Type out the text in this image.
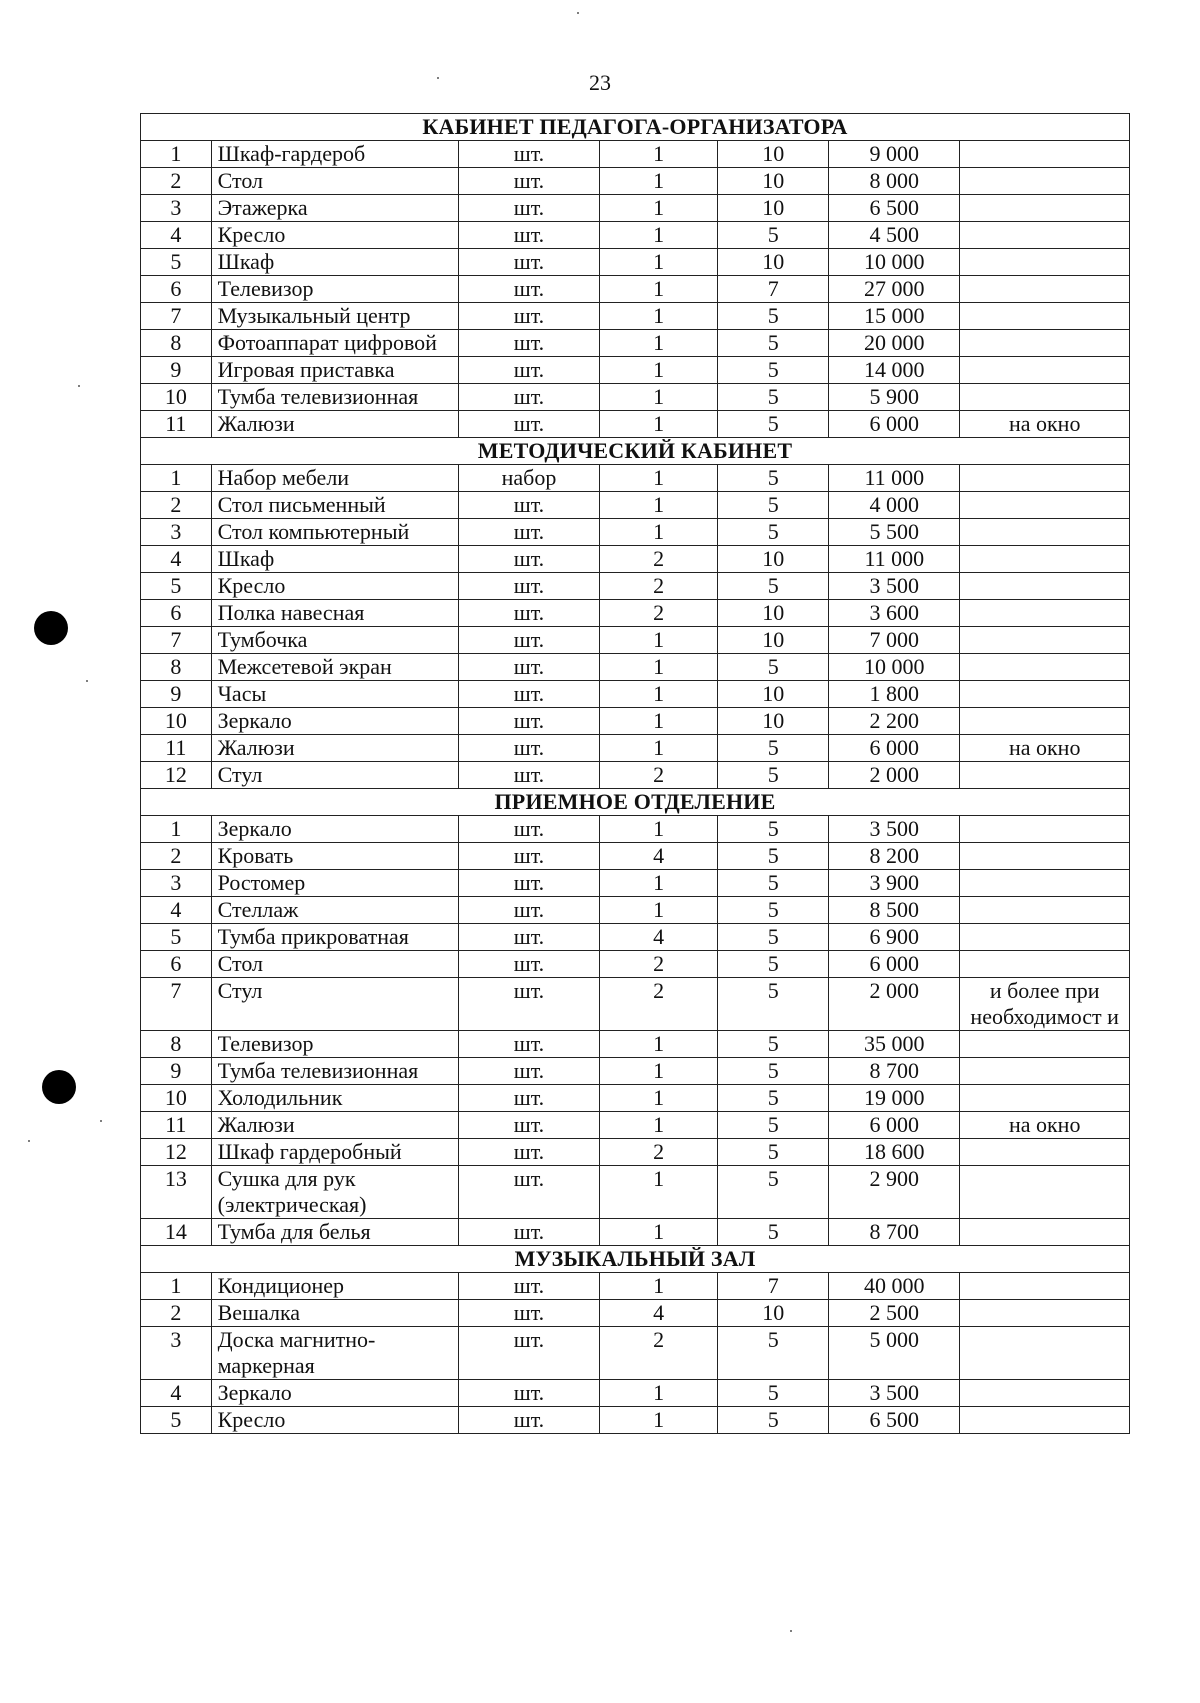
23
КАБИНЕТ ПЕДАГОГА-ОРГАНИЗАТОРА						
1	Шкаф-гардероб	шт.	1	10	9 000	
2	Стол	шт.	1	10	8 000	
3	Этажерка	шт.	1	10	6 500	
4	Кресло	шт.	1	5	4 500	
5	Шкаф	шт.	1	10	10 000	
6	Телевизор	шт.	1	7	27 000	
7	Музыкальный центр	шт.	1	5	15 000	
8	Фотоаппарат цифровой	шт.	1	5	20 000	
9	Игровая приставка	шт.	1	5	14 000	
10	Тумба телевизионная	шт.	1	5	5 900	
11	Жалюзи	шт.	1	5	6 000	на окно
МЕТОДИЧЕСКИЙ КАБИНЕТ						
1	Набор мебели	набор	1	5	11 000	
2	Стол письменный	шт.	1	5	4 000	
3	Стол компьютерный	шт.	1	5	5 500	
4	Шкаф	шт.	2	10	11 000	
5	Кресло	шт.	2	5	3 500	
6	Полка навесная	шт.	2	10	3 600	
7	Тумбочка	шт.	1	10	7 000	
8	Межсетевой экран	шт.	1	5	10 000	
9	Часы	шт.	1	10	1 800	
10	Зеркало	шт.	1	10	2 200	
11	Жалюзи	шт.	1	5	6 000	на окно
12	Стул	шт.	2	5	2 000	
ПРИЕМНОЕ ОТДЕЛЕНИЕ						
1	Зеркало	шт.	1	5	3 500	
2	Кровать	шт.	4	5	8 200	
3	Ростомер	шт.	1	5	3 900	
4	Стеллаж	шт.	1	5	8 500	
5	Тумба прикроватная	шт.	4	5	6 900	
6	Стол	шт.	2	5	6 000	
7	Стул	шт.	2	5	2 000	и более при необходимост и
8	Телевизор	шт.	1	5	35 000	
9	Тумба телевизионная	шт.	1	5	8 700	
10	Холодильник	шт.	1	5	19 000	
11	Жалюзи	шт.	1	5	6 000	на окно
12	Шкаф гардеробный	шт.	2	5	18 600	
13	Сушка для рук (электрическая)	шт.	1	5	2 900	
14	Тумба для белья	шт.	1	5	8 700	
МУЗЫКАЛЬНЫЙ ЗАЛ						
1	Кондиционер	шт.	1	7	40 000	
2	Вешалка	шт.	4	10	2 500	
3	Доска магнитно-маркерная	шт.	2	5	5 000	
4	Зеркало	шт.	1	5	3 500	
5	Кресло	шт.	1	5	6 500	
